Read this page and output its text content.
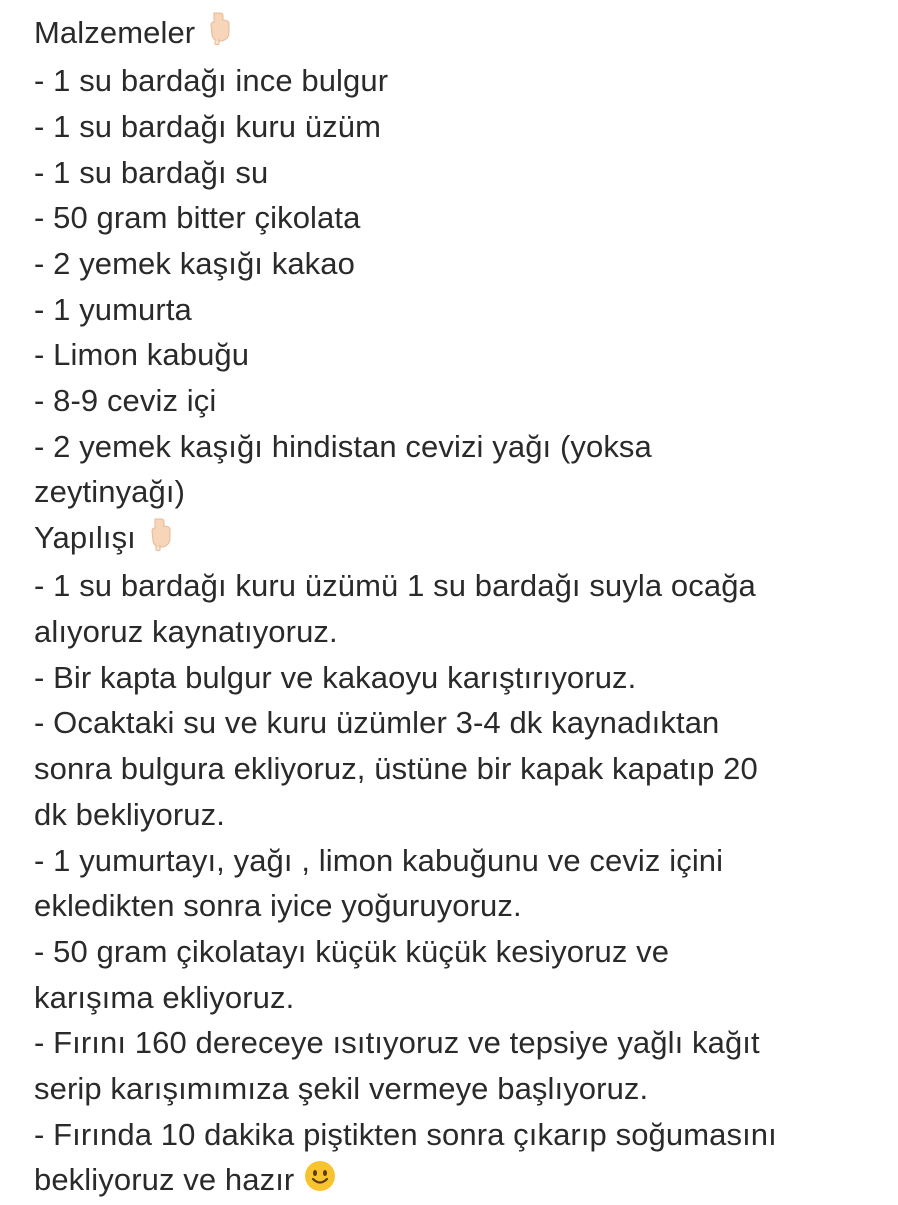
Malzemeler
- 1 su bardağı ince bulgur
- 1 su bardağı kuru üzüm
- 1 su bardağı su
- 50 gram bitter çikolata
- 2 yemek kaşığı kakao
- 1 yumurta
- Limon kabuğu
- 8-9 ceviz içi
- 2 yemek kaşığı hindistan cevizi yağı (yoksa
zeytinyağı)
Yapılışı
- 1 su bardağı kuru üzümü 1 su bardağı suyla ocağa
alıyoruz kaynatıyoruz.
- Bir kapta bulgur ve kakaoyu karıştırıyoruz.
- Ocaktaki su ve kuru üzümler 3-4 dk kaynadıktan
sonra bulgura ekliyoruz, üstüne bir kapak kapatıp 20
dk bekliyoruz.
- 1 yumurtayı, yağı , limon kabuğunu ve ceviz içini
ekledikten sonra iyice yoğuruyoruz.
- 50 gram çikolatayı küçük küçük kesiyoruz ve
karışıma ekliyoruz.
- Fırını 160 dereceye ısıtıyoruz ve tepsiye yağlı kağıt
serip karışımımıza şekil vermeye başlıyoruz.
- Fırında 10 dakika piştikten sonra çıkarıp soğumasını
bekliyoruz ve hazır
